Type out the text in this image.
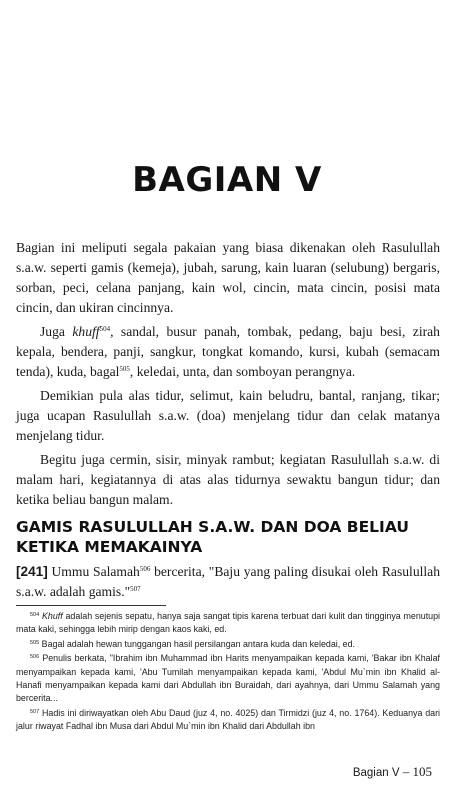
BAGIAN V

Bagian ini meliputi segala pakaian yang biasa dikenakan oleh Rasulullah s.a.w. seperti gamis (kemeja), jubah, sarung, kain luaran (selubung) bergaris, sorban, peci, celana panjang, kain wol, cincin, mata cincin, posisi mata cincin, dan ukiran cincinnya.

Juga khuff$^{504}$, sandal, busur panah, tombak, pedang, baju besi, zirah kepala, bendera, panji, sangkur, tongkat komando, kursi, kubah (semacam tenda), kuda, bagal$^{505}$, keledai, unta, dan somboyan perangnya.

Demikian pula alas tidur, selimut, kain beludru, bantal, ranjang, tikar; juga ucapan Rasulullah s.a.w. (doa) menjelang tidur dan celak matanya menjelang tidur.

Begitu juga cermin, sisir, minyak rambut; kegiatan Rasulullah s.a.w. di malam hari, kegiatannya di atas alas tidurnya sewaktu bangun tidur; dan ketika beliau bangun malam.

GAMIS RASULULLAH S.A.W. DAN DOA BELIAU KETIKA MEMAKAINYA

[241] Ummu Salamah$^{506}$ bercerita, "Baju yang paling disukai oleh Rasulullah s.a.w. adalah gamis."$^{507}$

$^{504}$ Khuff adalah sejenis sepatu, hanya saja sangat tipis karena terbuat dari kulit dan tingginya menutupi mata kaki, sehingga lebih mirip dengan kaos kaki, ed.

$^{505}$ Bagal adalah hewan tunggangan hasil persilangan antara kuda dan keledai, ed.

$^{506}$ Penulis berkata, "Ibrahim ibn Muhammad ibn Harits menyampaikan kepada kami, 'Bakar ibn Khalaf menyampaikan kepada kami, 'Abu Tumilah menyampaikan kepada kami, 'Abdul Mu`min ibn Khalid al-Hanafi menyampaikan kepada kami dari Abdullah ibn Buraidah, dari ayahnya, dari Ummu Salamah yang bercerita...

$^{507}$ Hadis ini diriwayatkan oleh Abu Daud (juz 4, no. 4025) dan Tirmidzi (juz 4, no. 1764). Keduanya dari jalur riwayat Fadhal ibn Musa dari Abdul Mu`min ibn Khalid dari Abdullah ibn

Bagian V – 105
